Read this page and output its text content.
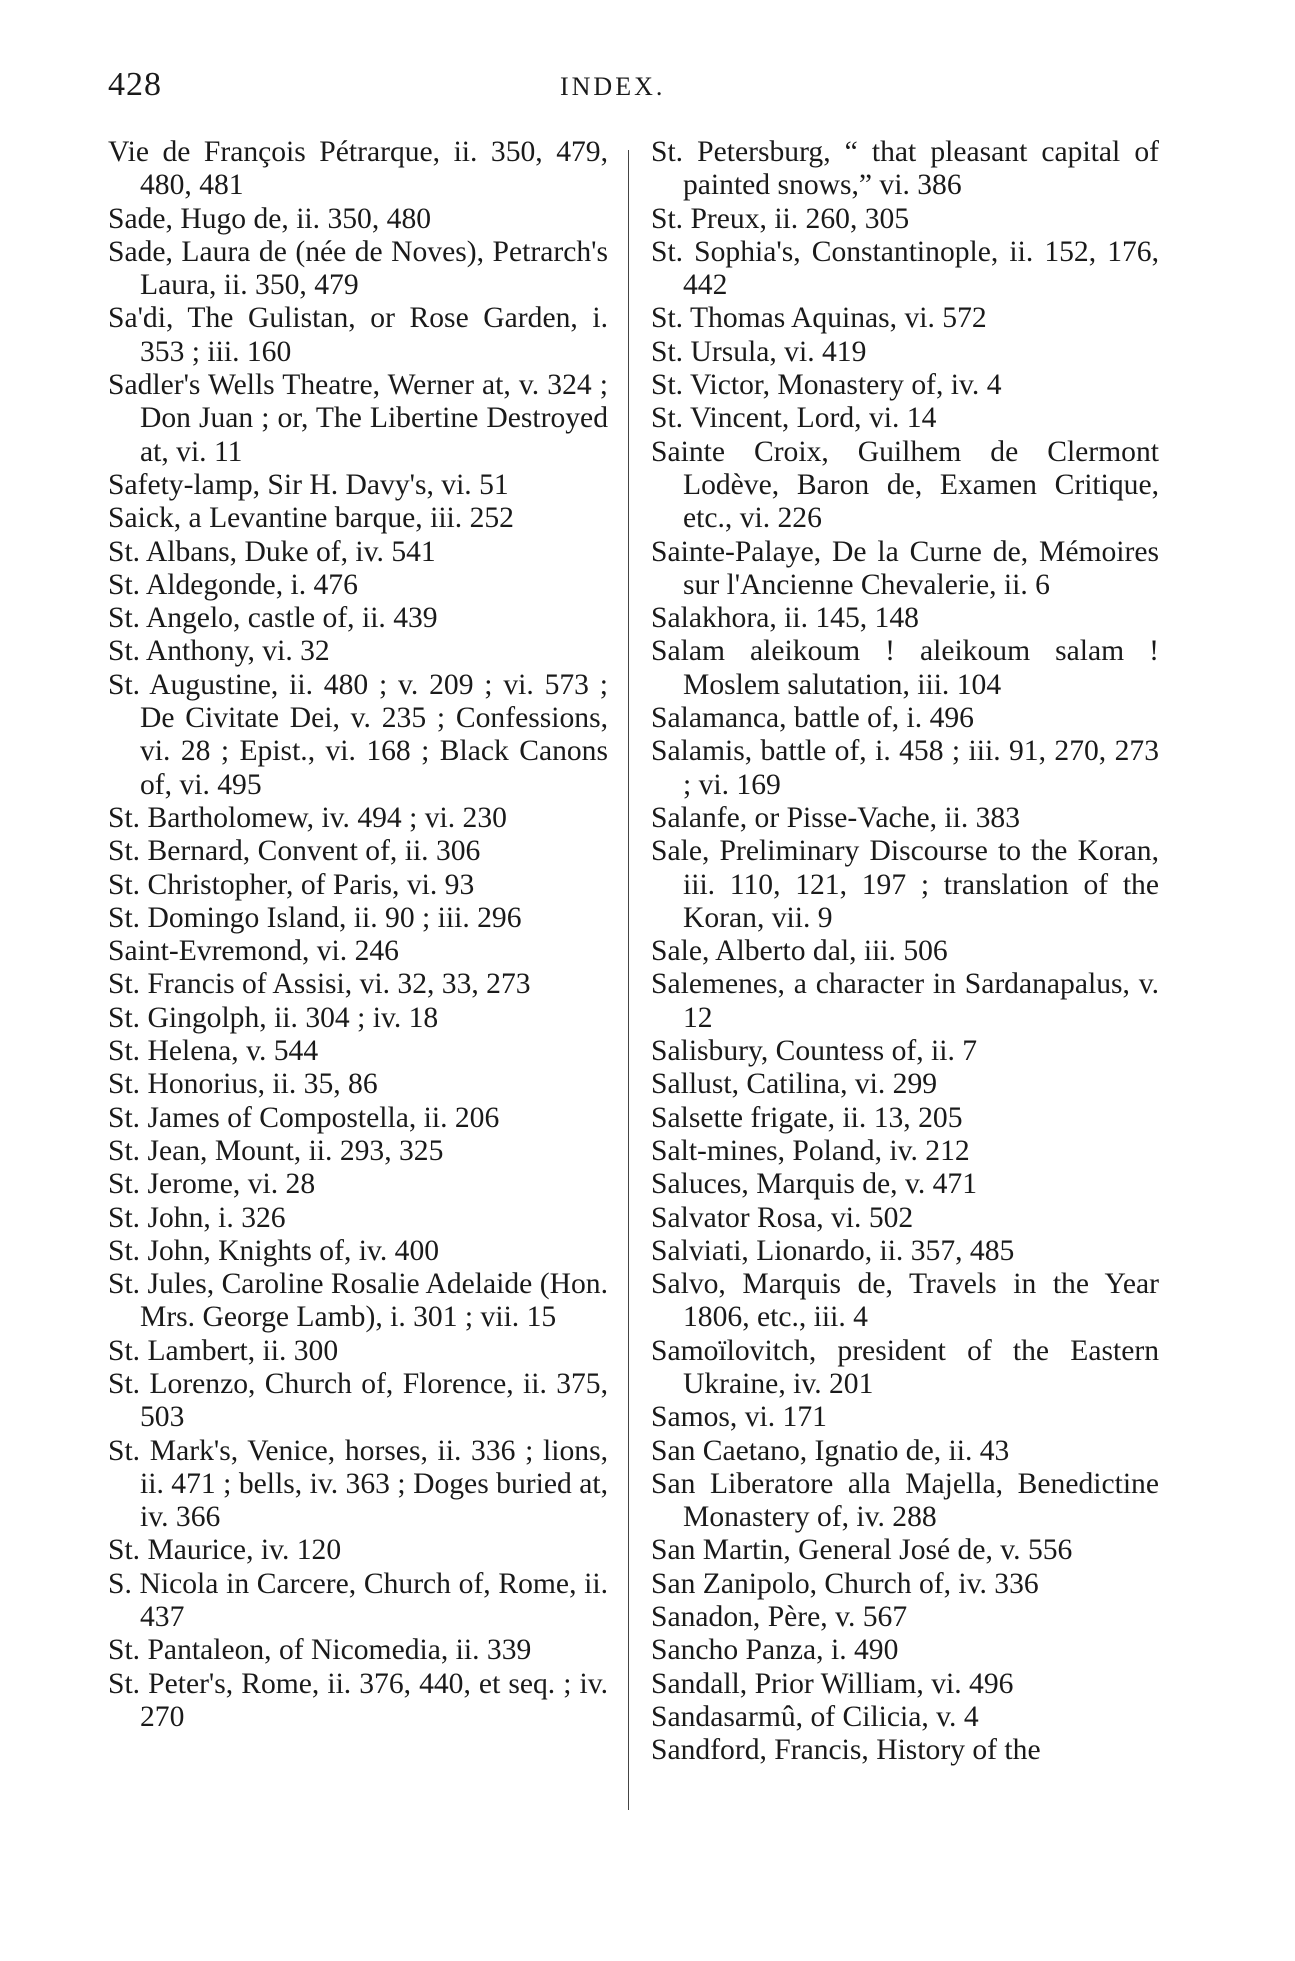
428	INDEX.
Vie de François Pétrarque, ii. 350, 479, 480, 481
Sade, Hugo de, ii. 350, 480
Sade, Laura de (née de Noves), Petrarch's Laura, ii. 350, 479
Sa'di, The Gulistan, or Rose Garden, i. 353 ; iii. 160
Sadler's Wells Theatre, Werner at, v. 324 ; Don Juan ; or, The Libertine Destroyed at, vi. 11
Safety-lamp, Sir H. Davy's, vi. 51
Saick, a Levantine barque, iii. 252
St. Albans, Duke of, iv. 541
St. Aldegonde, i. 476
St. Angelo, castle of, ii. 439
St. Anthony, vi. 32
St. Augustine, ii. 480 ; v. 209 ; vi. 573 ; De Civitate Dei, v. 235 ; Confessions, vi. 28 ; Epist., vi. 168 ; Black Canons of, vi. 495
St. Bartholomew, iv. 494 ; vi. 230
St. Bernard, Convent of, ii. 306
St. Christopher, of Paris, vi. 93
St. Domingo Island, ii. 90 ; iii. 296
Saint-Evremond, vi. 246
St. Francis of Assisi, vi. 32, 33, 273
St. Gingolph, ii. 304 ; iv. 18
St. Helena, v. 544
St. Honorius, ii. 35, 86
St. James of Compostella, ii. 206
St. Jean, Mount, ii. 293, 325
St. Jerome, vi. 28
St. John, i. 326
St. John, Knights of, iv. 400
St. Jules, Caroline Rosalie Adelaide (Hon. Mrs. George Lamb), i. 301 ; vii. 15
St. Lambert, ii. 300
St. Lorenzo, Church of, Florence, ii. 375, 503
St. Mark's, Venice, horses, ii. 336 ; lions, ii. 471 ; bells, iv. 363 ; Doges buried at, iv. 366
St. Maurice, iv. 120
S. Nicola in Carcere, Church of, Rome, ii. 437
St. Pantaleon, of Nicomedia, ii. 339
St. Peter's, Rome, ii. 376, 440, et seq. ; iv. 270
St. Petersburg, “ that pleasant capital of painted snows,” vi. 386
St. Preux, ii. 260, 305
St. Sophia's, Constantinople, ii. 152, 176, 442
St. Thomas Aquinas, vi. 572
St. Ursula, vi. 419
St. Victor, Monastery of, iv. 4
St. Vincent, Lord, vi. 14
Sainte Croix, Guilhem de Clermont Lodève, Baron de, Examen Critique, etc., vi. 226
Sainte-Palaye, De la Curne de, Mémoires sur l'Ancienne Chevalerie, ii. 6
Salakhora, ii. 145, 148
Salam aleikoum ! aleikoum salam ! Moslem salutation, iii. 104
Salamanca, battle of, i. 496
Salamis, battle of, i. 458 ; iii. 91, 270, 273 ; vi. 169
Salanfe, or Pisse-Vache, ii. 383
Sale, Preliminary Discourse to the Koran, iii. 110, 121, 197 ; translation of the Koran, vii. 9
Sale, Alberto dal, iii. 506
Salemenes, a character in Sardanapalus, v. 12
Salisbury, Countess of, ii. 7
Sallust, Catilina, vi. 299
Salsette frigate, ii. 13, 205
Salt-mines, Poland, iv. 212
Saluces, Marquis de, v. 471
Salvator Rosa, vi. 502
Salviati, Lionardo, ii. 357, 485
Salvo, Marquis de, Travels in the Year 1806, etc., iii. 4
Samoïlovitch, president of the Eastern Ukraine, iv. 201
Samos, vi. 171
San Caetano, Ignatio de, ii. 43
San Liberatore alla Majella, Benedictine Monastery of, iv. 288
San Martin, General José de, v. 556
San Zanipolo, Church of, iv. 336
Sanadon, Père, v. 567
Sancho Panza, i. 490
Sandall, Prior William, vi. 496
Sandasarmû, of Cilicia, v. 4
Sandford, Francis, History of the
